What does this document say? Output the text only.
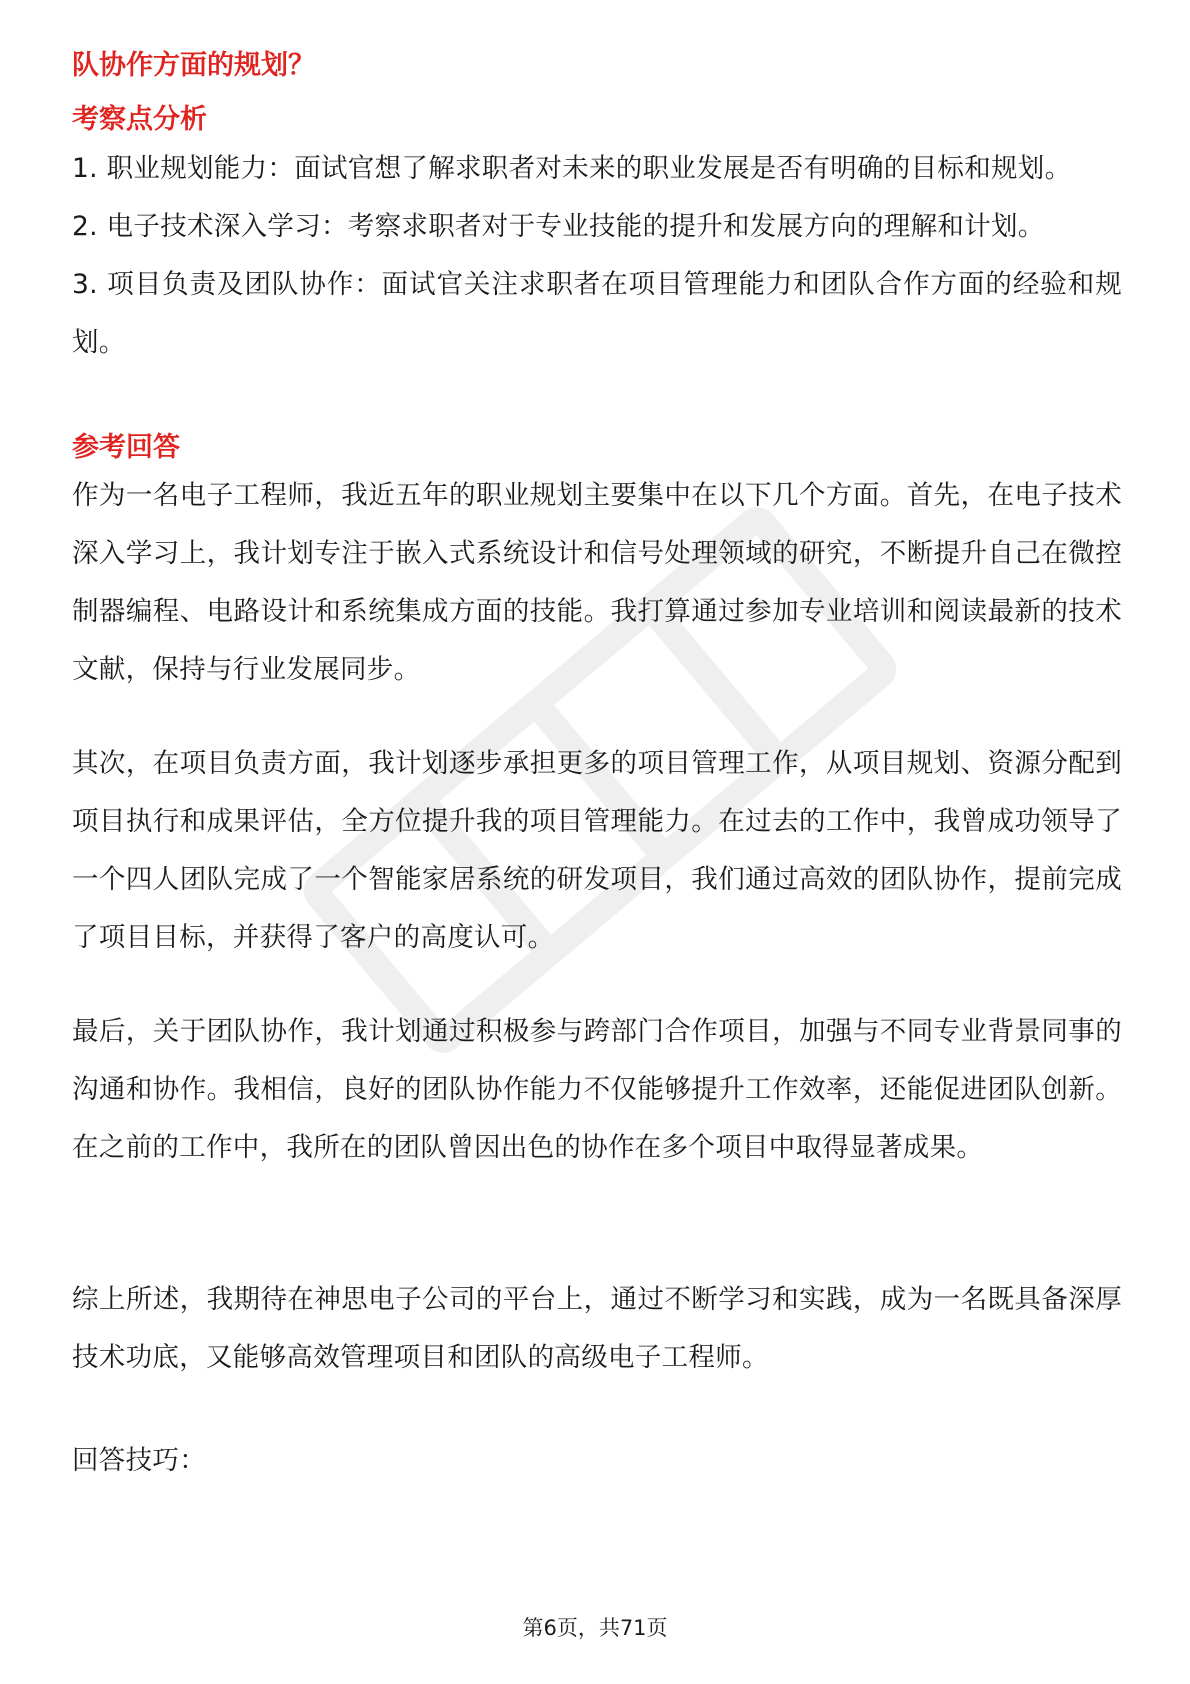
队协作方面的规划？

考察点分析

1. 职业规划能力：面试官想了解求职者对未来的职业发展是否有明确的目标和规划。

2. 电子技术深入学习：考察求职者对于专业技能的提升和发展方向的理解和计划。

3. 项目负责及团队协作：面试官关注求职者在项目管理能力和团队合作方面的经验和规划。

参考回答

作为一名电子工程师，我近五年的职业规划主要集中在以下几个方面。首先，在电子技术深入学习上，我计划专注于嵌入式系统设计和信号处理领域的研究，不断提升自己在微控制器编程、电路设计和系统集成方面的技能。我打算通过参加专业培训和阅读最新的技术文献，保持与行业发展同步。

其次，在项目负责方面，我计划逐步承担更多的项目管理工作，从项目规划、资源分配到项目执行和成果评估，全方位提升我的项目管理能力。在过去的工作中，我曾成功领导了一个四人团队完成了一个智能家居系统的研发项目，我们通过高效的团队协作，提前完成了项目目标，并获得了客户的高度认可。

最后，关于团队协作，我计划通过积极参与跨部门合作项目，加强与不同专业背景同事的沟通和协作。我相信，良好的团队协作能力不仅能够提升工作效率，还能促进团队创新。在之前的工作中，我所在的团队曾因出色的协作在多个项目中取得显著成果。

综上所述，我期待在神思电子公司的平台上，通过不断学习和实践，成为一名既具备深厚技术功底，又能够高效管理项目和团队的高级电子工程师。

回答技巧：

第6页，共71页
